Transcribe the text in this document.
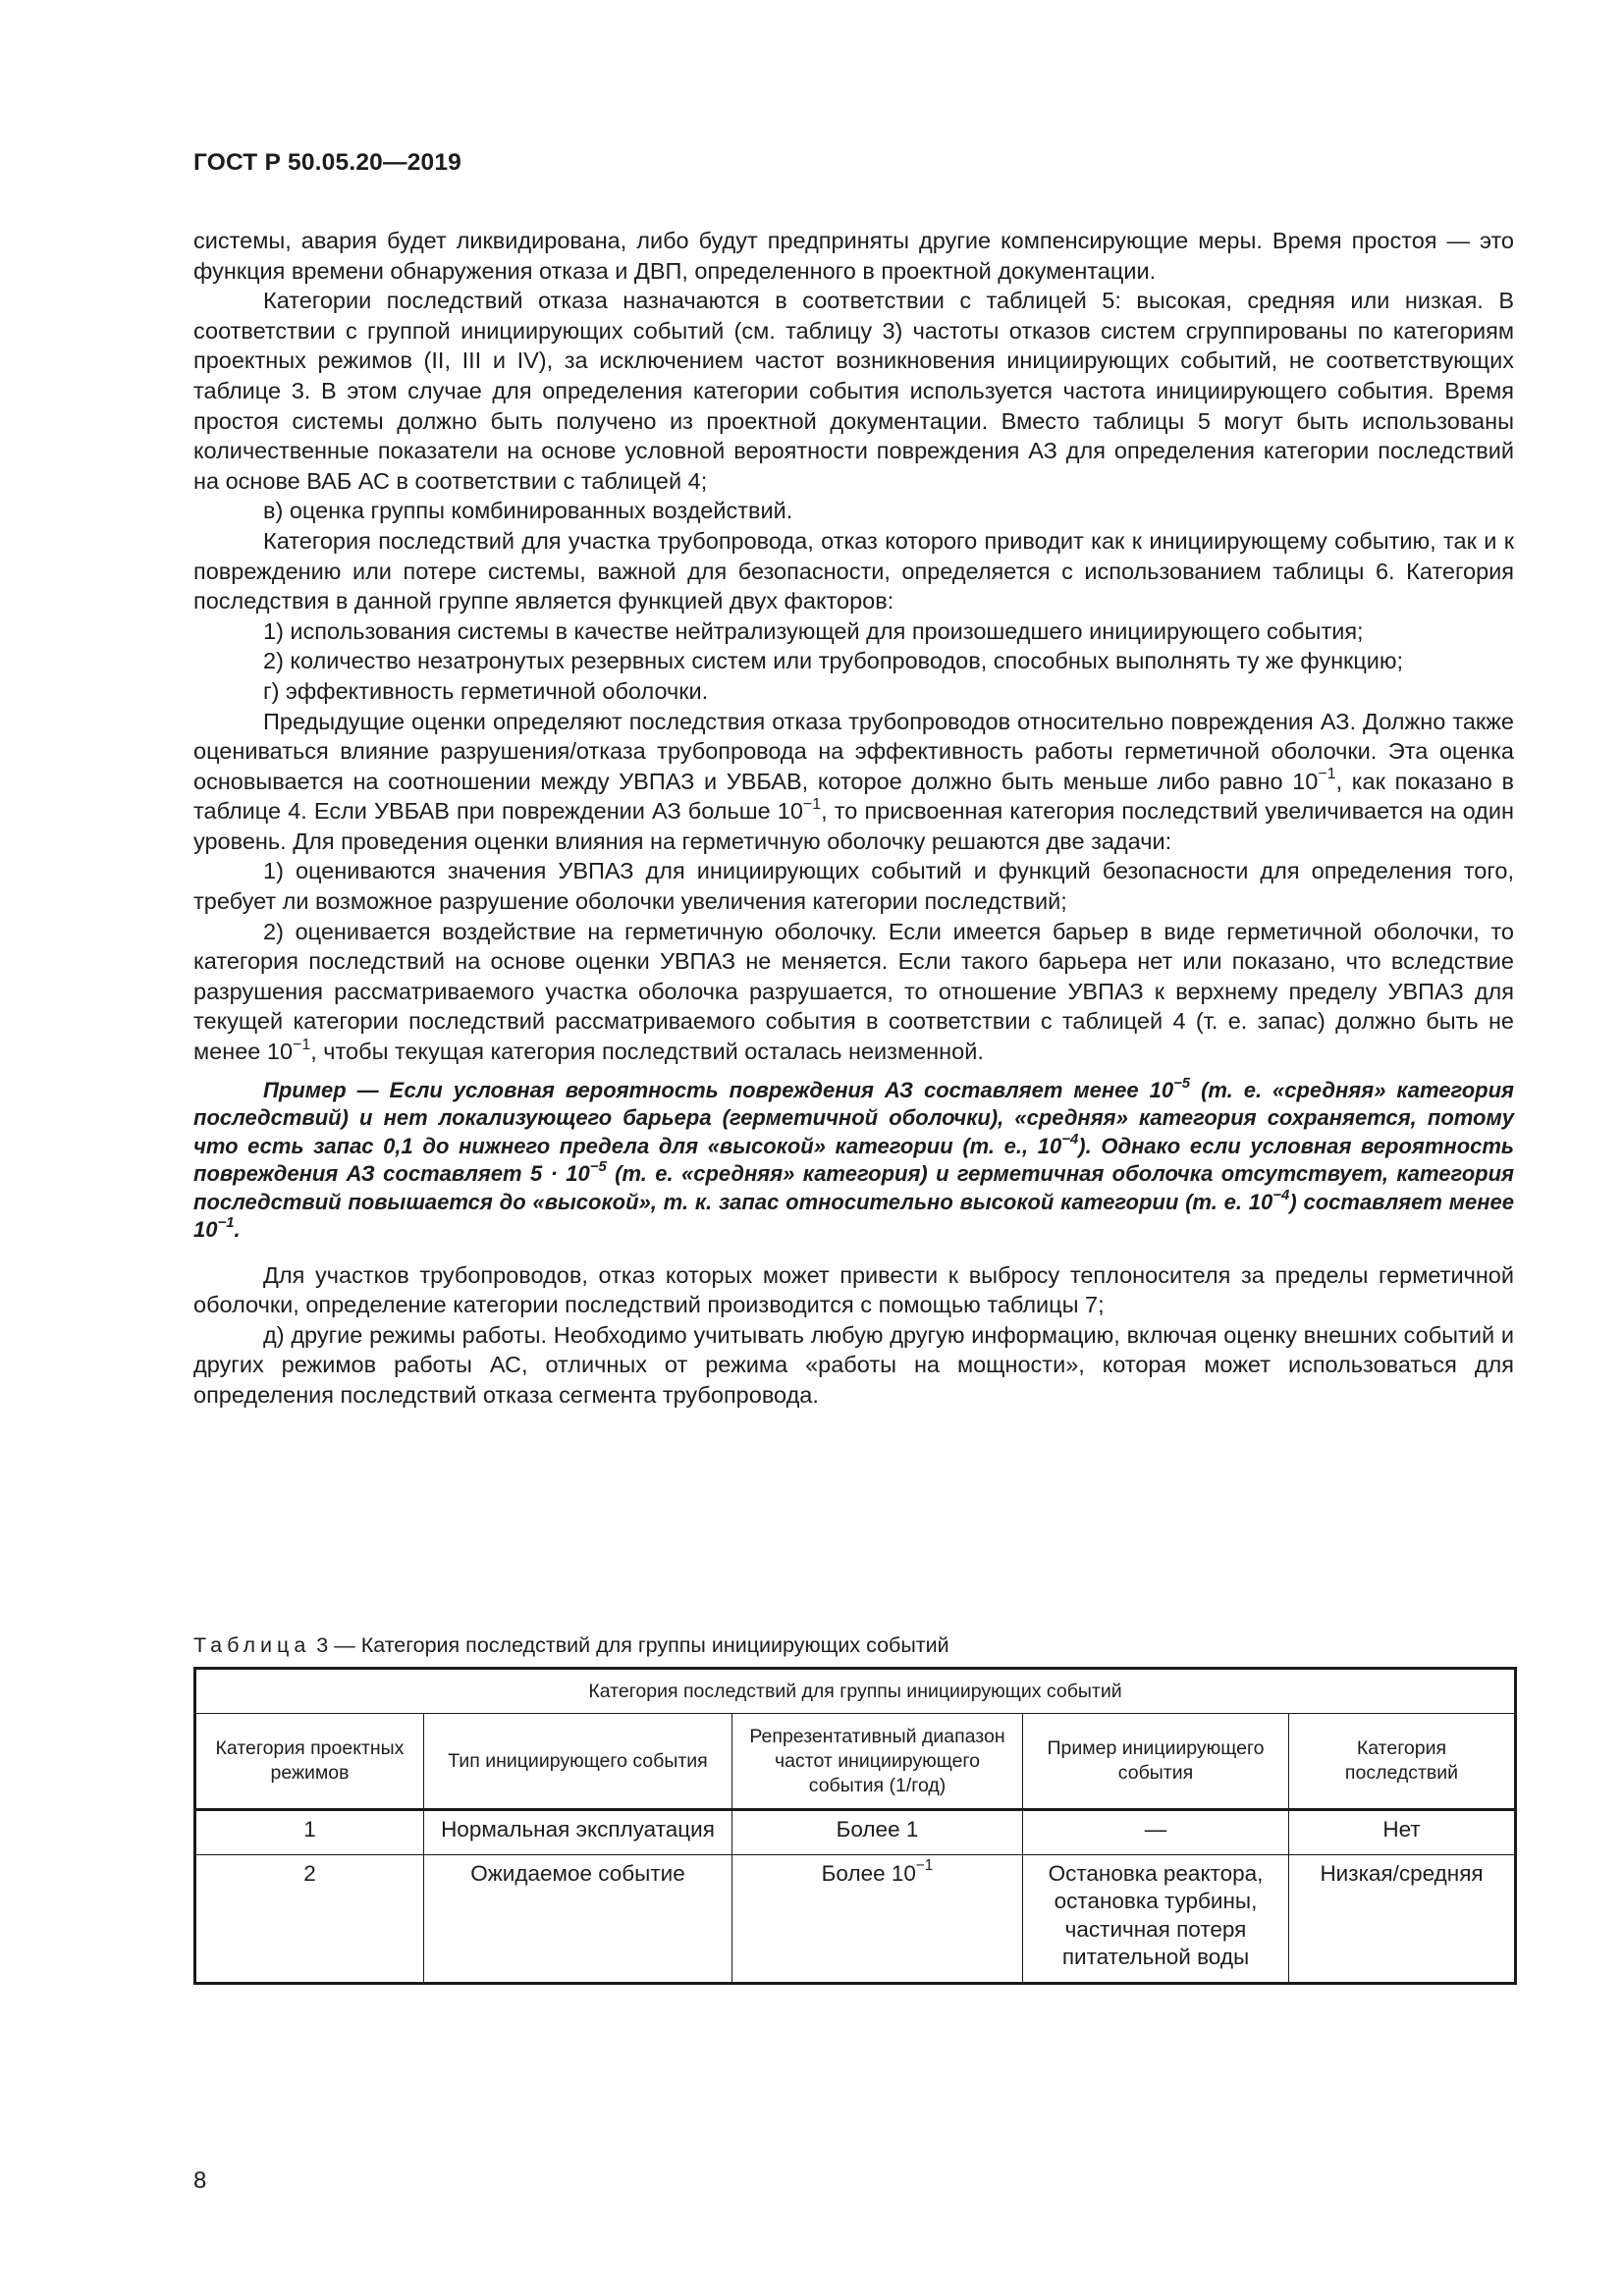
ГОСТ Р 50.05.20—2019

системы, авария будет ликвидирована, либо будут предприняты другие компенсирующие меры. Время простоя — это функция времени обнаружения отказа и ДВП, определенного в проектной документации.

Категории последствий отказа назначаются в соответствии с таблицей 5: высокая, средняя или низкая. В соответствии с группой инициирующих событий (см. таблицу 3) частоты отказов систем сгруппированы по категориям проектных режимов (II, III и IV), за исключением частот возникновения инициирующих событий, не соответствующих таблице 3. В этом случае для определения категории события используется частота инициирующего события. Время простоя системы должно быть получено из проектной документации. Вместо таблицы 5 могут быть использованы количественные показатели на основе условной вероятности повреждения АЗ для определения категории последствий на основе ВАБ АС в соответствии с таблицей 4;

в) оценка группы комбинированных воздействий.

Категория последствий для участка трубопровода, отказ которого приводит как к инициирующему событию, так и к повреждению или потере системы, важной для безопасности, определяется с использованием таблицы 6. Категория последствия в данной группе является функцией двух факторов:

1) использования системы в качестве нейтрализующей для произошедшего инициирующего события;

2) количество незатронутых резервных систем или трубопроводов, способных выполнять ту же функцию;

г) эффективность герметичной оболочки.

Предыдущие оценки определяют последствия отказа трубопроводов относительно повреждения АЗ. Должно также оцениваться влияние разрушения/отказа трубопровода на эффективность работы герметичной оболочки. Эта оценка основывается на соотношении между УВПАЗ и УВБАВ, которое должно быть меньше либо равно $10^{-1}$, как показано в таблице 4. Если УВБАВ при повреждении АЗ больше $10^{-1}$, то присвоенная категория последствий увеличивается на один уровень. Для проведения оценки влияния на герметичную оболочку решаются две задачи:

1) оцениваются значения УВПАЗ для инициирующих событий и функций безопасности для определения того, требует ли возможное разрушение оболочки увеличения категории последствий;

2) оценивается воздействие на герметичную оболочку. Если имеется барьер в виде герметичной оболочки, то категория последствий на основе оценки УВПАЗ не меняется. Если такого барьера нет или показано, что вследствие разрушения рассматриваемого участка оболочка разрушается, то отношение УВПАЗ к верхнему пределу УВПАЗ для текущей категории последствий рассматриваемого события в соответствии с таблицей 4 (т. е. запас) должно быть не менее $10^{-1}$, чтобы текущая категория последствий осталась неизменной.

Пример — Если условная вероятность повреждения АЗ составляет менее $10^{-5}$ (т. е. «средняя» категория последствий) и нет локализующего барьера (герметичной оболочки), «средняя» категория сохраняется, потому что есть запас 0,1 до нижнего предела для «высокой» категории (т. е., $10^{-4}$). Однако если условная вероятность повреждения АЗ составляет $5 \cdot 10^{-5}$ (т. е. «средняя» категория) и герметичная оболочка отсутствует, категория последствий повышается до «высокой», т. к. запас относительно высокой категории (т. е. $10^{-4}$) составляет менее $10^{-1}$.

Для участков трубопроводов, отказ которых может привести к выбросу теплоносителя за пределы герметичной оболочки, определение категории последствий производится с помощью таблицы 7;

д) другие режимы работы. Необходимо учитывать любую другую информацию, включая оценку внешних событий и других режимов работы АС, отличных от режима «работы на мощности», которая может использоваться для определения последствий отказа сегмента трубопровода.

Таблица 3 — Категория последствий для группы инициирующих событий
Категория последствий для группы инициирующих событий				
Категория проектных режимов	Тип инициирующего события	Репрезентативный диапазон частот инициирующего события (1/год)	Пример инициирующего события	Категория последствий
1	Нормальная эксплуатация	Более 1	—	Нет
2	Ожидаемое событие	Более $10^{-1}$	Остановка реактора, остановка турбины, частичная потеря питательной воды	Низкая/средняя
8
